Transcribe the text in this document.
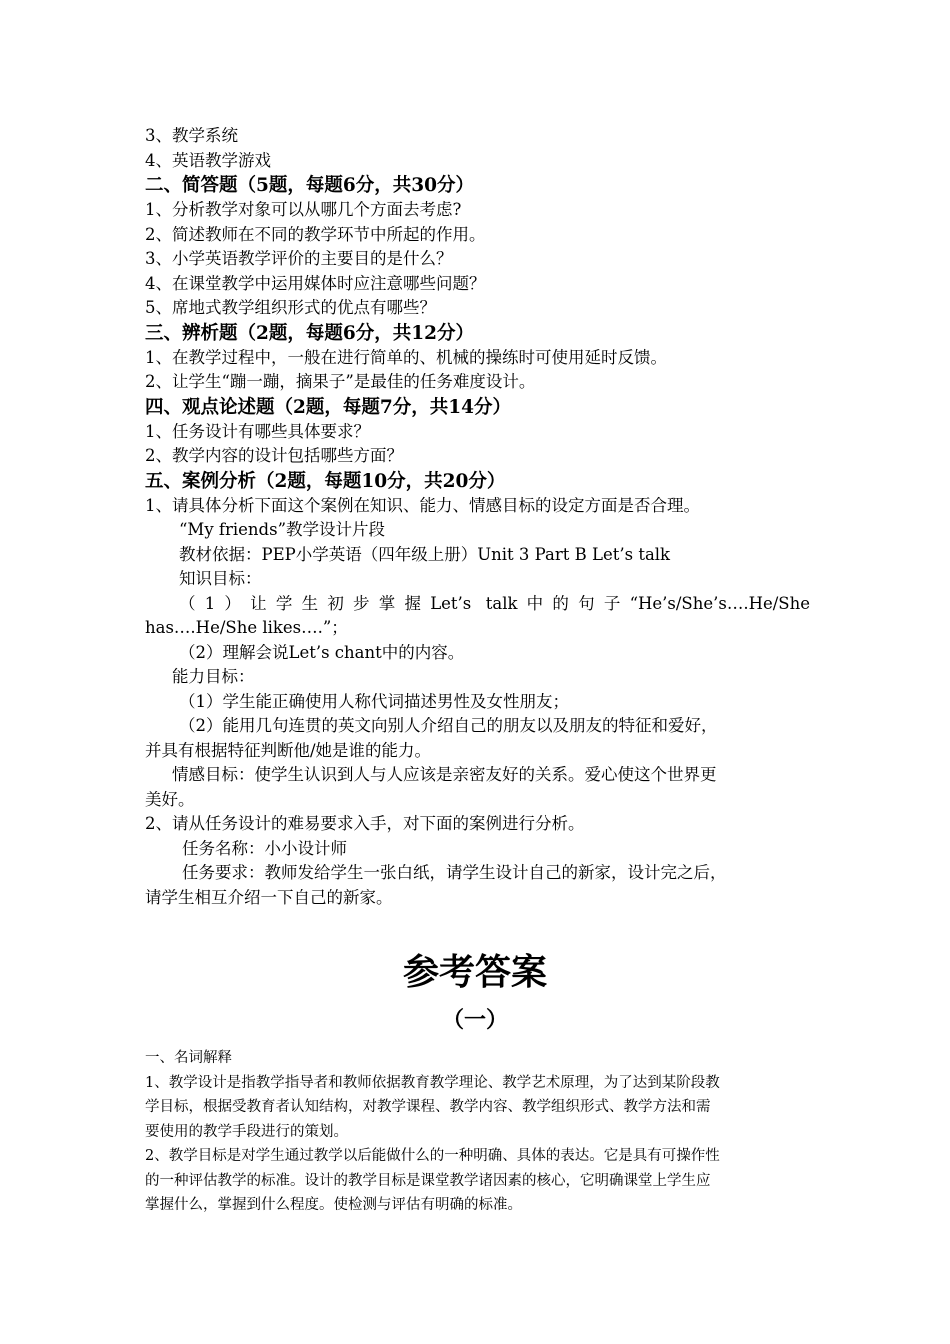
3、教学系统
4、英语教学游戏
二、简答题（5题，每题6分，共30分）
1、分析教学对象可以从哪几个方面去考虑?
2、简述教师在不同的教学环节中所起的作用。
3、小学英语教学评价的主要目的是什么？
4、在课堂教学中运用媒体时应注意哪些问题？
5、席地式教学组织形式的优点有哪些？
三、辨析题（2题，每题6分，共12分）
1、在教学过程中，一般在进行简单的、机械的操练时可使用延时反馈。
2、让学生“蹦一蹦，摘果子”是最佳的任务难度设计。
四、观点论述题（2题，每题7分，共14分）
1、任务设计有哪些具体要求？
2、教学内容的设计包括哪些方面？
五、案例分析（2题，每题10分，共20分）
1、请具体分析下面这个案例在知识、能力、情感目标的设定方面是否合理。
“My friends”教学设计片段
教材依据：PEP小学英语（四年级上册）Unit 3 Part B Let’s talk
知识目标：
（1）让学生初步掌握Let’s talk中的句子“He’s/She’s….He/She
has….He/She likes….”；
（2）理解会说Let’s chant中的内容。
能力目标：
（1）学生能正确使用人称代词描述男性及女性朋友；
（2）能用几句连贯的英文向别人介绍自己的朋友以及朋友的特征和爱好，
并具有根据特征判断他/她是谁的能力。
情感目标：使学生认识到人与人应该是亲密友好的关系。爱心使这个世界更
美好。
2、请从任务设计的难易要求入手，对下面的案例进行分析。
任务名称：小小设计师
任务要求：教师发给学生一张白纸，请学生设计自己的新家，设计完之后，
请学生相互介绍一下自己的新家。
参考答案
（一）
一、名词解释
1、教学设计是指教学指导者和教师依据教育教学理论、教学艺术原理，为了达到某阶段教
学目标，根据受教育者认知结构，对教学课程、教学内容、教学组织形式、教学方法和需
要使用的教学手段进行的策划。
2、教学目标是对学生通过教学以后能做什么的一种明确、具体的表达。它是具有可操作性
的一种评估教学的标准。设计的教学目标是课堂教学诸因素的核心，它明确课堂上学生应
掌握什么，掌握到什么程度。使检测与评估有明确的标准。
